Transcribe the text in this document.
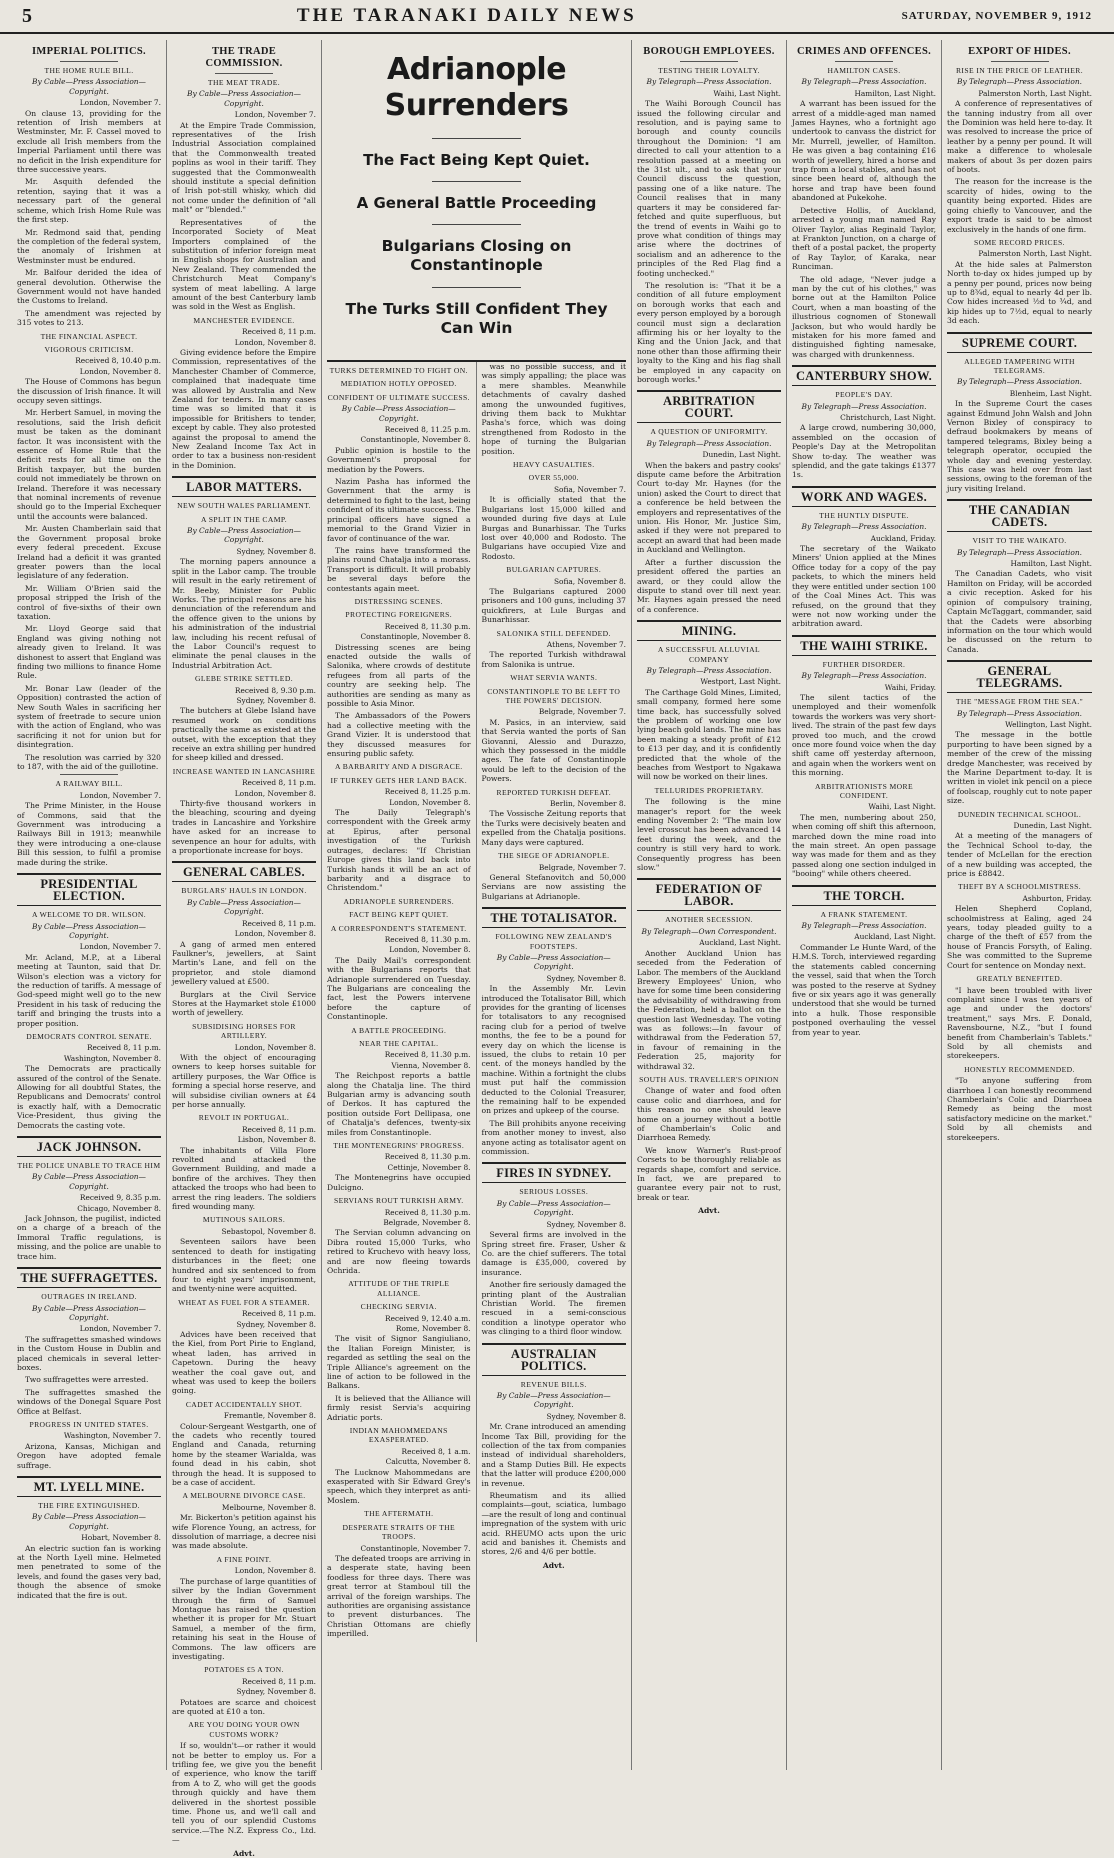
5	THE TARANAKI DAILY NEWS	SATURDAY, NOVEMBER 9, 1912
IMPERIAL POLITICS.
THE HOME RULE BILL.
By Cable—Press Association—Copyright.
London, November 7.

On clause 13, providing for the retention of Irish members at Westminster, Mr. F. Cassel moved to exclude all Irish members from the Imperial Parliament until there was no deficit in the Irish expenditure for three successive years.

Mr. Asquith defended the retention, saying that it was a necessary part of the general scheme, which Irish Home Rule was the first step.

Mr. Redmond said that, pending the completion of the federal system, the anomaly of Irishmen at Westminster must be endured.

Mr. Balfour derided the idea of general devolution. Otherwise the Government would not have handed the Customs to Ireland.

The amendment was rejected by 315 votes to 213.

THE FINANCIAL ASPECT.
VIGOROUS CRITICISM.
Received 8, 10.40 p.m.
London, November 8.

The House of Commons has begun the discussion of Irish finance. It will occupy seven sittings.

Mr. Herbert Samuel, in moving the resolutions, said the Irish deficit must be taken as the dominant factor. It was inconsistent with the essence of Home Rule that the deficit rests for all time on the British taxpayer, but the burden could not immediately be thrown on Ireland. Therefore it was necessary that nominal increments of revenue should go to the Imperial Exchequer until the accounts were balanced.

Mr. Austen Chamberlain said that the Government proposal broke every federal precedent. Excuse Ireland had a deficit it was granted greater powers than the local legislature of any federation.

Mr. William O'Brien said the proposal stripped the Irish of the control of five-sixths of their own taxation.

Mr. Lloyd George said that England was giving nothing not already given to Ireland. It was dishonest to assert that England was finding two millions to finance Home Rule.

Mr. Bonar Law (leader of the Opposition) contrasted the action of New South Wales in sacrificing her system of freetrade to secure union with the action of England, who was sacrificing it not for union but for disintegration.

The resolution was carried by 320 to 187, with the aid of the guillotine.

A RAILWAY BILL.
London, November 7.

The Prime Minister, in the House of Commons, said that the Government was introducing a Railways Bill in 1913; meanwhile they were introducing a one-clause Bill this session, to fulfil a promise made during the strike.

PRESIDENTIAL ELECTION.
A WELCOME TO DR. WILSON.
By Cable—Press Association—Copyright.
London, November 7.

Mr. Acland, M.P., at a Liberal meeting at Taunton, said that Dr. Wilson's election was a victory for the reduction of tariffs. A message of God-speed might well go to the new President in his task of reducing the tariff and bringing the trusts into a proper position.

DEMOCRATS CONTROL SENATE.
Received 8, 11 p.m.
Washington, November 8.

The Democrats are practically assured of the control of the Senate. Allowing for all doubtful States, the Republicans and Democrats' control is exactly half, with a Democratic Vice-President, thus giving the Democrats the casting vote.

JACK JOHNSON.
THE POLICE UNABLE TO TRACE HIM
By Cable—Press Association—Copyright.
Received 9, 8.35 p.m.
Chicago, November 8.

Jack Johnson, the pugilist, indicted on a charge of a breach of the Immoral Traffic regulations, is missing, and the police are unable to trace him.

THE SUFFRAGETTES.
OUTRAGES IN IRELAND.
By Cable—Press Association—Copyright.
London, November 7.

The suffragettes smashed windows in the Custom House in Dublin and placed chemicals in several letter-boxes.

Two suffragettes were arrested.

The suffragettes smashed the windows of the Donegal Square Post Office at Belfast.

PROGRESS IN UNITED STATES.
Washington, November 7.

Arizona, Kansas, Michigan and Oregon have adopted female suffrage.

MT. LYELL MINE.
THE FIRE EXTINGUISHED.
By Cable—Press Association—Copyright.
Hobart, November 8.

An electric suction fan is working at the North Lyell mine. Helmeted men penetrated to some of the levels, and found the gases very bad, though the absence of smoke indicated that the fire is out.

THE TRADE COMMISSION.
THE MEAT TRADE.
By Cable—Press Association—Copyright.
London, November 7.

At the Empire Trade Commission, representatives of the Irish Industrial Association complained that the Commonwealth treated poplins as wool in their tariff. They suggested that the Commonwealth should institute a special definition of Irish pot-still whisky, which did not come under the definition of "all malt" or "blended."

Representatives of the Incorporated Society of Meat Importers complained of the substitution of inferior foreign meat in English shops for Australian and New Zealand. They commended the Christchurch Meat Company's system of meat labelling. A large amount of the best Canterbury lamb was sold in the West as English.

MANCHESTER EVIDENCE.
Received 8, 11 p.m.
London, November 8.

Giving evidence before the Empire Commission, representatives of the Manchester Chamber of Commerce, complained that inadequate time was allowed by Australia and New Zealand for tenders. In many cases time was so limited that it is impossible for Britishers to tender, except by cable. They also protested against the proposal to amend the New Zealand Income Tax Act in order to tax a business non-resident in the Dominion.

LABOR MATTERS.
NEW SOUTH WALES PARLIAMENT.
A SPLIT IN THE CAMP.
By Cable—Press Association—Copyright.
Sydney, November 8.

The morning papers announce a split in the Labor camp. The trouble will result in the early retirement of Mr. Beeby, Minister for Public Works. The principal reasons are his denunciation of the referendum and the offence given to the unions by his administration of the industrial law, including his recent refusal of the Labor Council's request to eliminate the penal clauses in the Industrial Arbitration Act.

GLEBE STRIKE SETTLED.
Received 8, 9.30 p.m.
Sydney, November 8.

The butchers at Glebe Island have resumed work on conditions practically the same as existed at the outset, with the exception that they receive an extra shilling per hundred for sheep killed and dressed.

INCREASE WANTED IN LANCASHIRE
Received 8, 11 p.m.
London, November 8.

Thirty-five thousand workers in the bleaching, scouring and dyeing trades in Lancashire and Yorkshire have asked for an increase to sevenpence an hour for adults, with a proportionate increase for boys.

GENERAL CABLES.
BURGLARS' HAULS IN LONDON.
By Cable—Press Association—Copyright.
Received 8, 11 p.m.
London, November 8.

A gang of armed men entered Faulkner's, jewellers, at Saint Martin's Lane, and fell on the proprietor, and stole diamond jewellery valued at £500.

Burglars at the Civil Service Stores at the Haymarket stole £1000 worth of jewellery.

SUBSIDISING HORSES FOR ARTILLERY.
London, November 8.

With the object of encouraging owners to keep horses suitable for artillery purposes, the War Office is forming a special horse reserve, and will subsidise civilian owners at £4 per horse annually.

REVOLT IN PORTUGAL.
Received 8, 11 p.m.
Lisbon, November 8.

The inhabitants of Villa Flore revolted and attacked the Government Building, and made a bonfire of the archives. They then attacked the troops who had been to arrest the ring leaders. The soldiers fired wounding many.

MUTINOUS SAILORS.
Sebastopol, November 8.

Seventeen sailors have been sentenced to death for instigating disturbances in the fleet; one hundred and six sentenced to from four to eight years' imprisonment, and twenty-nine were acquitted.

WHEAT AS FUEL FOR A STEAMER.
Received 8, 11 p.m.
Sydney, November 8.

Advices have been received that the Kiel, from Port Pirie to England, wheat laden, has arrived in Capetown. During the heavy weather the coal gave out, and wheat was used to keep the boilers going.

CADET ACCIDENTALLY SHOT.
Fremantle, November 8.

Colour-Sergeant Westgarth, one of the cadets who recently toured England and Canada, returning home by the steamer Warialda, was found dead in his cabin, shot through the head. It is supposed to be a case of accident.

A MELBOURNE DIVORCE CASE.
Melbourne, November 8.

Mr. Bickerton's petition against his wife Florence Young, an actress, for dissolution of marriage, a decree nisi was made absolute.

A FINE POINT.
London, November 8.

The purchase of large quantities of silver by the Indian Government through the firm of Samuel Montague has raised the question whether it is proper for Mr. Stuart Samuel, a member of the firm, retaining his seat in the House of Commons. The law officers are investigating.

POTATOES £5 A TON.
Received 8, 11 p.m.
Sydney, November 8.

Potatoes are scarce and choicest are quoted at £10 a ton.

ARE YOU DOING YOUR OWN CUSTOMS WORK?

If so, wouldn't—or rather it would not be better to employ us. For a trifling fee, we give you the benefit of experience, who know the tariff from A to Z, who will get the goods through quickly and have them delivered in the shortest possible time. Phone us, and we'll call and tell you of our splendid Customs service.—The N.Z. Express Co., Ltd.—

Advt.
Adrianople Surrenders
The Fact Being Kept Quiet.
A General Battle Proceeding
Bulgarians Closing on Constantinople
The Turks Still Confident They Can Win
TURKS DETERMINED TO FIGHT ON.
MEDIATION HOTLY OPPOSED.
CONFIDENT OF ULTIMATE SUCCESS.
By Cable—Press Association—Copyright.
Received 8, 11.25 p.m.
Constantinople, November 8.

Public opinion is hostile to the Government's proposal for mediation by the Powers.

Nazim Pasha has informed the Government that the army is determined to fight to the last, being confident of its ultimate success. The principal officers have signed a memorial to the Grand Vizier in favor of continuance of the war.

The rains have transformed the plains round Chatalja into a morass. Transport is difficult. It will probably be several days before the contestants again meet.

DISTRESSING SCENES.
PROTECTING FOREIGNERS.
Received 8, 11.30 p.m.
Constantinople, November 8.

Distressing scenes are being enacted outside the walls of Salonika, where crowds of destitute refugees from all parts of the country are seeking help. The authorities are sending as many as possible to Asia Minor.

The Ambassadors of the Powers had a collective meeting with the Grand Vizier. It is understood that they discussed measures for ensuring public safety.

A BARBARITY AND A DISGRACE.
IF TURKEY GETS HER LAND BACK.
Received 8, 11.25 p.m.
London, November 8.

The Daily Telegraph's correspondent with the Greek army at Epirus, after personal investigation of the Turkish outrages, declares: "If Christian Europe gives this land back into Turkish hands it will be an act of barbarity and a disgrace to Christendom."

ADRIANOPLE SURRENDERS.
FACT BEING KEPT QUIET.
A CORRESPONDENT'S STATEMENT.
Received 8, 11.30 p.m.
London, November 8.

The Daily Mail's correspondent with the Bulgarians reports that Adrianople surrendered on Tuesday. The Bulgarians are concealing the fact, lest the Powers intervene before the capture of Constantinople.

A BATTLE PROCEEDING.
NEAR THE CAPITAL.
Received 8, 11.30 p.m.
Vienna, November 8.

The Reichpost reports a battle along the Chatalja line. The third Bulgarian army is advancing south of Derkos. It has captured the position outside Fort Dellipasa, one of Chatalja's defences, twenty-six miles from Constantinople.

THE MONTENEGRINS' PROGRESS.
Received 8, 11.30 p.m.
Cettinje, November 8.

The Montenegrins have occupied Dulcigno.

SERVIANS ROUT TURKISH ARMY.
Received 8, 11.30 p.m.
Belgrade, November 8.

The Servian column advancing on Dibra routed 15,000 Turks, who retired to Kruchevo with heavy loss, and are now fleeing towards Ochrida.

ATTITUDE OF THE TRIPLE ALLIANCE.
CHECKING SERVIA.
Received 9, 12.40 a.m.
Rome, November 8.

The visit of Signor Sangiuliano, the Italian Foreign Minister, is regarded as settling the seal on the Triple Alliance's agreement on the line of action to be followed in the Balkans.

It is believed that the Alliance will firmly resist Servia's acquiring Adriatic ports.

INDIAN MAHOMMEDANS EXASPERATED.
Received 8, 1 a.m.
Calcutta, November 8.

The Lucknow Mahommedans are exasperated with Sir Edward Grey's speech, which they interpret as anti-Moslem.

THE AFTERMATH.
DESPERATE STRAITS OF THE TROOPS.
Constantinople, November 7.

The defeated troops are arriving in a desperate state, having been foodless for three days. There was great terror at Stamboul till the arrival of the foreign warships. The authorities are organising assistance to prevent disturbances. The Christian Ottomans are chiefly imperilled.

was no possible success, and it was simply appalling; the place was a mere shambles. Meanwhile detachments of cavalry dashed among the unwounded fugitives, driving them back to Mukhtar Pasha's force, which was doing strengthened from Rodosto in the hope of turning the Bulgarian position.

HEAVY CASUALTIES.
OVER 55,000.
Sofia, November 7.

It is officially stated that the Bulgarians lost 15,000 killed and wounded during five days at Lule Burgas and Bunarhissar. The Turks lost over 40,000 and Rodosto. The Bulgarians have occupied Vize and Rodosto.

BULGARIAN CAPTURES.
Sofia, November 8.

The Bulgarians captured 2000 prisoners and 100 guns, including 37 quickfirers, at Lule Burgas and Bunarhissar.

SALONIKA STILL DEFENDED.
Athens, November 7.

The reported Turkish withdrawal from Salonika is untrue.

WHAT SERVIA WANTS.
CONSTANTINOPLE TO BE LEFT TO THE POWERS' DECISION.
Belgrade, November 7.

M. Pasics, in an interview, said that Servia wanted the ports of San Giovanni, Alessio and Durazzo, which they possessed in the middle ages. The fate of Constantinople would be left to the decision of the Powers.

REPORTED TURKISH DEFEAT.
Berlin, November 8.

The Vossische Zeitung reports that the Turks were decisively beaten and expelled from the Chatalja positions. Many days were captured.

THE SIEGE OF ADRIANOPLE.
Belgrade, November 7.

General Stefanovitch and 50,000 Servians are now assisting the Bulgarians at Adrianople.

THE TOTALISATOR.
FOLLOWING NEW ZEALAND'S FOOTSTEPS.
By Cable—Press Association—Copyright.
Sydney, November 8.

In the Assembly Mr. Levin introduced the Totalisator Bill, which provides for the granting of licenses for totalisators to any recognised racing club for a period of twelve months, the fee to be a pound for every day on which the license is issued, the clubs to retain 10 per cent. of the moneys handled by the machine. Within a fortnight the clubs must put half the commission deducted to the Colonial Treasurer, the remaining half to be expended on prizes and upkeep of the course.

The Bill prohibits anyone receiving from another money to invest, also anyone acting as totalisator agent on commission.

FIRES IN SYDNEY.
SERIOUS LOSSES.
By Cable—Press Association—Copyright.
Sydney, November 8.

Several firms are involved in the Spring street fire. Fraser, Usher & Co. are the chief sufferers. The total damage is £35,000, covered by insurance.

Another fire seriously damaged the printing plant of the Australian Christian World. The firemen rescued in a semi-conscious condition a linotype operator who was clinging to a third floor window.

AUSTRALIAN POLITICS.
REVENUE BILLS.
By Cable—Press Association—Copyright.
Sydney, November 8.

Mr. Crane introduced an amending Income Tax Bill, providing for the collection of the tax from companies instead of individual shareholders, and a Stamp Duties Bill. He expects that the latter will produce £200,000 in revenue.

Rheumatism and its allied complaints—gout, sciatica, lumbago—are the result of long and continual impregnation of the system with uric acid. RHEUMO acts upon the uric acid and banishes it. Chemists and stores, 2/6 and 4/6 per bottle.

Advt.
BOROUGH EMPLOYEES.
TESTING THEIR LOYALTY.
By Telegraph—Press Association.
Waihi, Last Night.

The Waihi Borough Council has issued the following circular and resolution, and is paying same to borough and county councils throughout the Dominion: "I am directed to call your attention to a resolution passed at a meeting on the 31st ult., and to ask that your Council discuss the question, passing one of a like nature. The Council realises that in many quarters it may be considered far-fetched and quite superfluous, but the trend of events in Waihi go to prove what condition of things may arise where the doctrines of socialism and an adherence to the principles of the Red Flag find a footing unchecked."

The resolution is: "That it be a condition of all future employment on borough works that each and every person employed by a borough council must sign a declaration affirming his or her loyalty to the King and the Union Jack, and that none other than those affirming their loyalty to the King and his flag shall be employed in any capacity on borough works."

ARBITRATION COURT.
A QUESTION OF UNIFORMITY.
By Telegraph—Press Association.
Dunedin, Last Night.

When the bakers and pastry cooks' dispute came before the Arbitration Court to-day Mr. Haynes (for the union) asked the Court to direct that a conference be held between the employers and representatives of the union. His Honor, Mr. Justice Sim, asked if they were not prepared to accept an award that had been made in Auckland and Wellington.

After a further discussion the president offered the parties an award, or they could allow the dispute to stand over till next year. Mr. Haynes again pressed the need of a conference.

MINING.
A SUCCESSFUL ALLUVIAL COMPANY
By Telegraph—Press Association.
Westport, Last Night.

The Carthage Gold Mines, Limited, small company, formed here some time back, has successfully solved the problem of working one low lying beach gold lands. The mine has been making a steady profit of £12 to £13 per day, and it is confidently predicted that the whole of the beaches from Westport to Ngakawa will now be worked on their lines.

TELLURIDES PROPRIETARY.

The following is the mine manager's report for the week ending November 2: "The main low level crosscut has been advanced 14 feet during the week, and the country is still very hard to work. Consequently progress has been slow."

FEDERATION OF LABOR.
ANOTHER SECESSION.
By Telegraph—Own Correspondent.
Auckland, Last Night.

Another Auckland Union has seceded from the Federation of Labor. The members of the Auckland Brewery Employees' Union, who have for some time been considering the advisability of withdrawing from the Federation, held a ballot on the question last Wednesday. The voting was as follows:—In favour of withdrawal from the Federation 57, in favour of remaining in the Federation 25, majority for withdrawal 32.

SOUTH AUS. TRAVELLER'S OPINION

Change of water and food often cause colic and diarrhoea, and for this reason no one should leave home on a journey without a bottle of Chamberlain's Colic and Diarrhoea Remedy.

We know Warner's Rust-proof Corsets to be thoroughly reliable as regards shape, comfort and service. In fact, we are prepared to guarantee every pair not to rust, break or tear.

Advt.
CRIMES AND OFFENCES.
HAMILTON CASES.
By Telegraph—Press Association.
Hamilton, Last Night.

A warrant has been issued for the arrest of a middle-aged man named James Haynes, who a fortnight ago undertook to canvass the district for Mr. Murrell, jeweller, of Hamilton. He was given a bag containing £16 worth of jewellery, hired a horse and trap from a local stables, and has not since been heard of, although the horse and trap have been found abandoned at Pukekohe.

Detective Hollis, of Auckland, arrested a young man named Ray Oliver Taylor, alias Reginald Taylor, at Frankton Junction, on a charge of theft of a postal packet, the property of Ray Taylor, of Karaka, near Runciman.

The old adage, "Never judge a man by the cut of his clothes," was borne out at the Hamilton Police Court, when a man boasting of the illustrious cognomen of Stonewall Jackson, but who would hardly be mistaken for his more famed and distinguished fighting namesake, was charged with drunkenness.

CANTERBURY SHOW.
PEOPLE'S DAY.
By Telegraph—Press Association.
Christchurch, Last Night.

A large crowd, numbering 30,000, assembled on the occasion of People's Day at the Metropolitan Show to-day. The weather was splendid, and the gate takings £1377 1s.

WORK AND WAGES.
THE HUNTLY DISPUTE.
By Telegraph—Press Association.
Auckland, Friday.

The secretary of the Waikato Miners' Union applied at the Mines Office today for a copy of the pay packets, to which the miners held they were entitled under section 100 of the Coal Mines Act. This was refused, on the ground that they were not now working under the arbitration award.

THE WAIHI STRIKE.
FURTHER DISORDER.
By Telegraph—Press Association.
Waihi, Friday.

The silent tactics of the unemployed and their womenfolk towards the workers was very short-lived. The strain of the past few days proved too much, and the crowd once more found voice when the day shift came off yesterday afternoon, and again when the workers went on this morning.

ARBITRATIONISTS MORE CONFIDENT.
Waihi, Last Night.

The men, numbering about 250, when coming off shift this afternoon, marched down the mine road into the main street. An open passage way was made for them and as they passed along one section indulged in "booing" while others cheered.

THE TORCH.
A FRANK STATEMENT.
By Telegraph—Press Association.
Auckland, Last Night.

Commander Le Hunte Ward, of the H.M.S. Torch, interviewed regarding the statements cabled concerning the vessel, said that when the Torch was posted to the reserve at Sydney five or six years ago it was generally understood that she would be turned into a hulk. Those responsible postponed overhauling the vessel from year to year.

EXPORT OF HIDES.
RISE IN THE PRICE OF LEATHER.
By Telegraph—Press Association.
Palmerston North, Last Night.

A conference of representatives of the tanning industry from all over the Dominion was held here to-day. It was resolved to increase the price of leather by a penny per pound. It will make a difference to wholesale makers of about 3s per dozen pairs of boots.

The reason for the increase is the scarcity of hides, owing to the quantity being exported. Hides are going chiefly to Vancouver, and the export trade is said to be almost exclusively in the hands of one firm.

SOME RECORD PRICES.
Palmerston North, Last Night.

At the hide sales at Palmerston North to-day ox hides jumped up by a penny per pound, prices now being up to 8¾d, equal to nearly 4d per lb. Cow hides increased ½d to ¾d, and kip hides up to 7½d, equal to nearly 3d each.

SUPREME COURT.
ALLEGED TAMPERING WITH TELEGRAMS.
By Telegraph—Press Association.
Blenheim, Last Night.

In the Supreme Court the cases against Edmund John Walsh and John Vernon Bixley of conspiracy to defraud bookmakers by means of tampered telegrams, Bixley being a telegraph operator, occupied the whole day and evening yesterday. This case was held over from last sessions, owing to the foreman of the jury visiting Ireland.

THE CANADIAN CADETS.
VISIT TO THE WAIKATO.
By Telegraph—Press Association.
Hamilton, Last Night.

The Canadian Cadets, who visit Hamilton on Friday, will be accorded a civic reception. Asked for his opinion of compulsory training, Captain McTaggart, commander, said that the Cadets were absorbing information on the tour which would be discussed on the return to Canada.

GENERAL TELEGRAMS.
THE "MESSAGE FROM THE SEA."
By Telegraph—Press Association.
Wellington, Last Night.

The message in the bottle purporting to have been signed by a member of the crew of the missing dredge Manchester, was received by the Marine Department to-day. It is written in violet ink pencil on a piece of foolscap, roughly cut to note paper size.

DUNEDIN TECHNICAL SCHOOL.
Dunedin, Last Night.

At a meeting of the managers of the Technical School to-day, the tender of McLellan for the erection of a new building was accepted, the price is £8842.

THEFT BY A SCHOOLMISTRESS.
Ashburton, Friday.

Helen Shepherd Copland, schoolmistress at Ealing, aged 24 years, today pleaded guilty to a charge of the theft of £57 from the house of Francis Forsyth, of Ealing. She was committed to the Supreme Court for sentence on Monday next.

GREATLY BENEFITED.

"I have been troubled with liver complaint since I was ten years of age and under the doctors' treatment," says Mrs. F. Donald, Ravensbourne, N.Z., "but I found benefit from Chamberlain's Tablets." Sold by all chemists and storekeepers.

HONESTLY RECOMMENDED.

"To anyone suffering from diarrhoea I can honestly recommend Chamberlain's Colic and Diarrhoea Remedy as being the most satisfactory medicine on the market." Sold by all chemists and storekeepers.
